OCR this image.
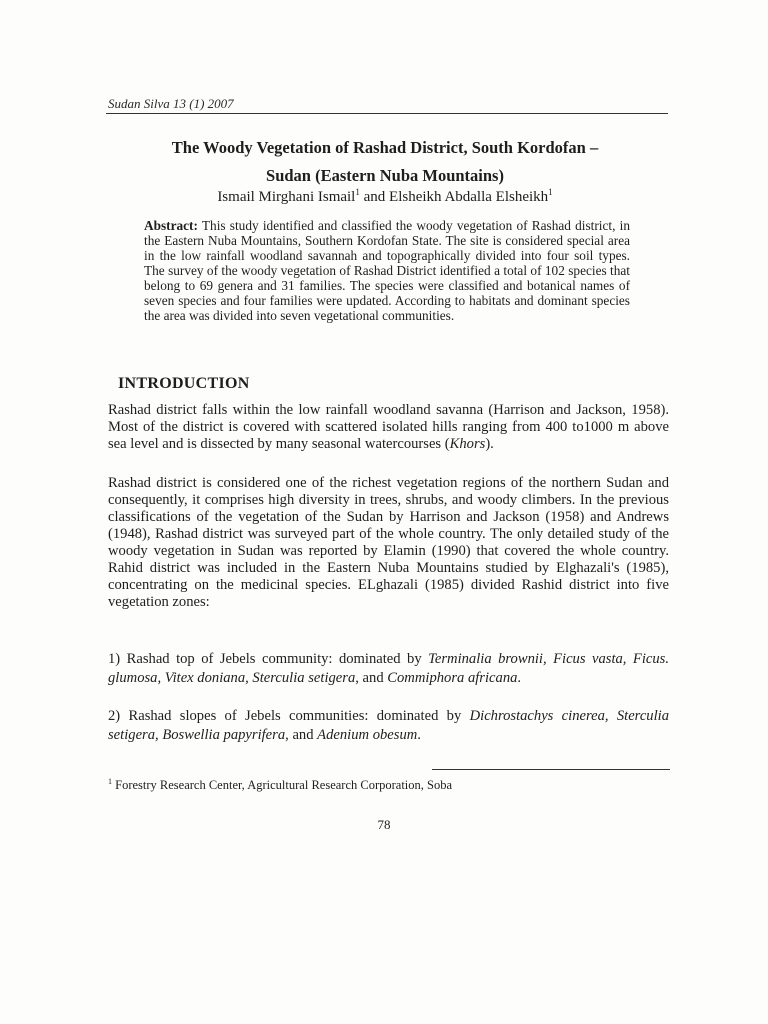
Sudan Silva 13 (1) 2007
The Woody Vegetation of Rashad District, South Kordofan –
Sudan (Eastern Nuba Mountains)
Ismail Mirghani Ismail$^1$ and Elsheikh Abdalla Elsheikh$^1$
Abstract: This study identified and classified the woody vegetation of Rashad district, in the Eastern Nuba Mountains, Southern Kordofan State. The site is considered special area in the low rainfall woodland savannah and topographically divided into four soil types. The survey of the woody vegetation of Rashad District identified a total of 102 species that belong to 69 genera and 31 families. The species were classified and botanical names of seven species and four families were updated. According to habitats and dominant species the area was divided into seven vegetational communities.
INTRODUCTION
Rashad district falls within the low rainfall woodland savanna (Harrison and Jackson, 1958). Most of the district is covered with scattered isolated hills ranging from 400 to1000 m above sea level and is dissected by many seasonal watercourses (Khors).
Rashad district is considered one of the richest vegetation regions of the northern Sudan and consequently, it comprises high diversity in trees, shrubs, and woody climbers. In the previous classifications of the vegetation of the Sudan by Harrison and Jackson (1958) and Andrews (1948), Rashad district was surveyed part of the whole country. The only detailed study of the woody vegetation in Sudan was reported by Elamin (1990) that covered the whole country. Rahid district was included in the Eastern Nuba Mountains studied by Elghazali's (1985), concentrating on the medicinal species. ELghazali (1985) divided Rashid district into five vegetation zones:
1) Rashad top of Jebels community: dominated by Terminalia brownii, Ficus vasta, Ficus. glumosa, Vitex doniana, Sterculia setigera, and Commiphora africana.
2) Rashad slopes of Jebels communities: dominated by Dichrostachys cinerea, Sterculia setigera, Boswellia papyrifera, and Adenium obesum.
$^1$ Forestry Research Center, Agricultural Research Corporation, Soba
78
